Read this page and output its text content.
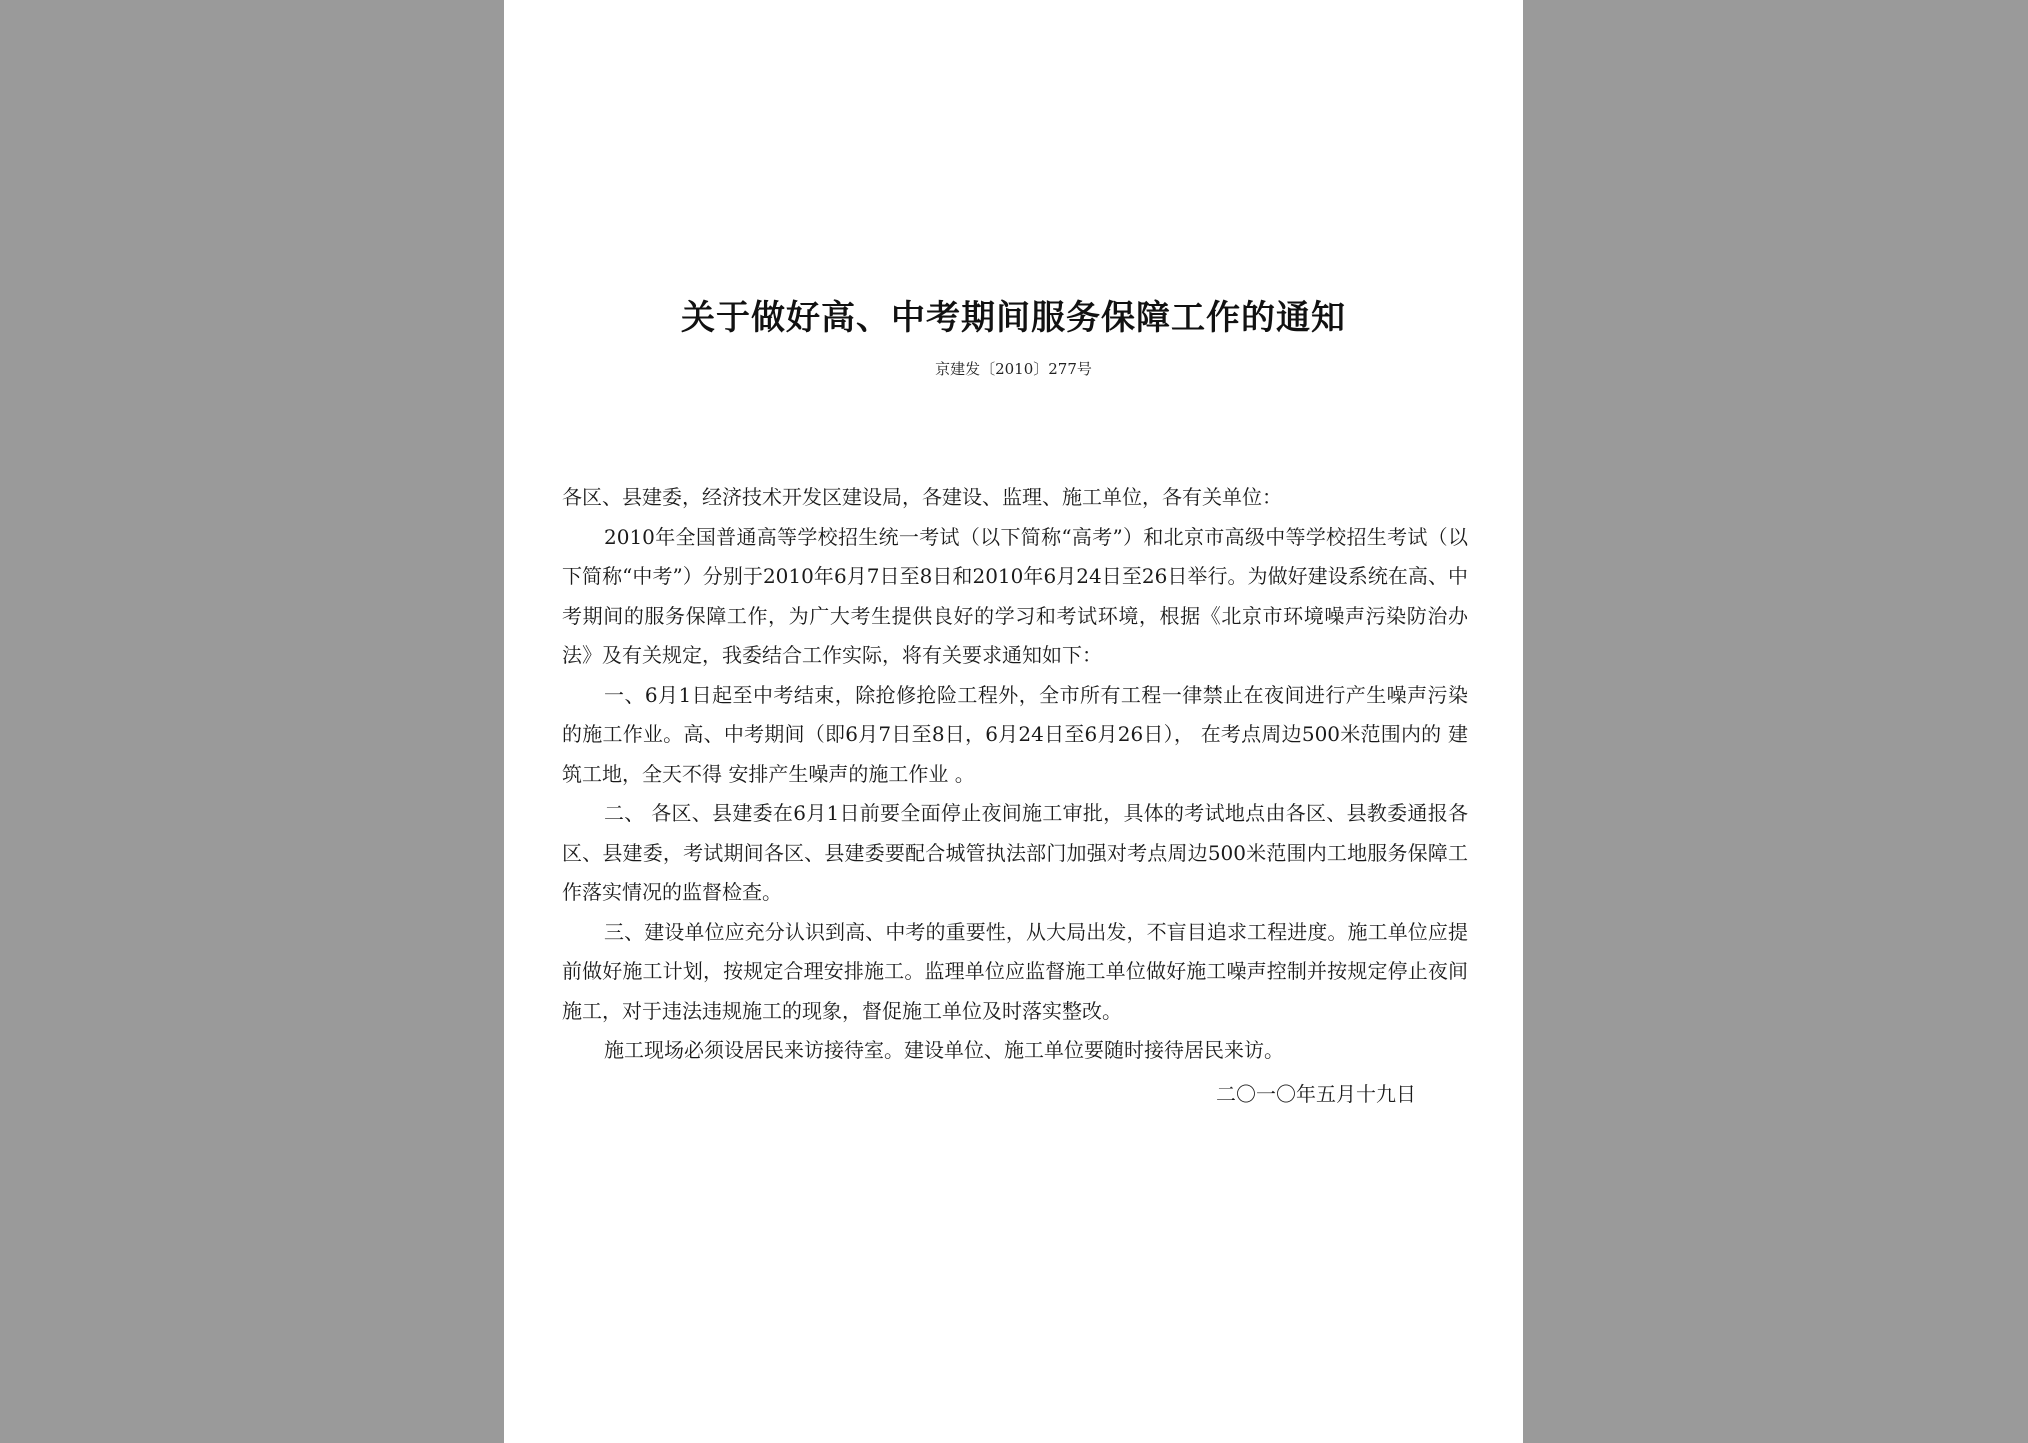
关于做好高、中考期间服务保障工作的通知
京建发〔2010〕277号

各区、县建委，经济技术开发区建设局，各建设、监理、施工单位，各有关单位：

2010年全国普通高等学校招生统一考试（以下简称“高考”）和北京市高级中等学校招生考试（以下简称“中考”）分别于2010年6月7日至8日和2010年6月24日至26日举行。为做好建设系统在高、中考期间的服务保障工作，为广大考生提供良好的学习和考试环境，根据《北京市环境噪声污染防治办法》及有关规定，我委结合工作实际，将有关要求通知如下：

一、6月1日起至中考结束，除抢修抢险工程外，全市所有工程一律禁止在夜间进行产生噪声污染的施工作业。高、中考期间（即6月7日至8日，6月24日至6月26日）， 在考点周边500米范围内的 建筑工地，全天不得 安排产生噪声的施工作业 。

二、 各区、县建委在6月1日前要全面停止夜间施工审批，具体的考试地点由各区、县教委通报各区、县建委，考试期间各区、县建委要配合城管执法部门加强对考点周边500米范围内工地服务保障工作落实情况的监督检查。

三、建设单位应充分认识到高、中考的重要性，从大局出发，不盲目追求工程进度。施工单位应提前做好施工计划，按规定合理安排施工。监理单位应监督施工单位做好施工噪声控制并按规定停止夜间施工，对于违法违规施工的现象，督促施工单位及时落实整改。

施工现场必须设居民来访接待室。建设单位、施工单位要随时接待居民来访。

二〇一〇年五月十九日
